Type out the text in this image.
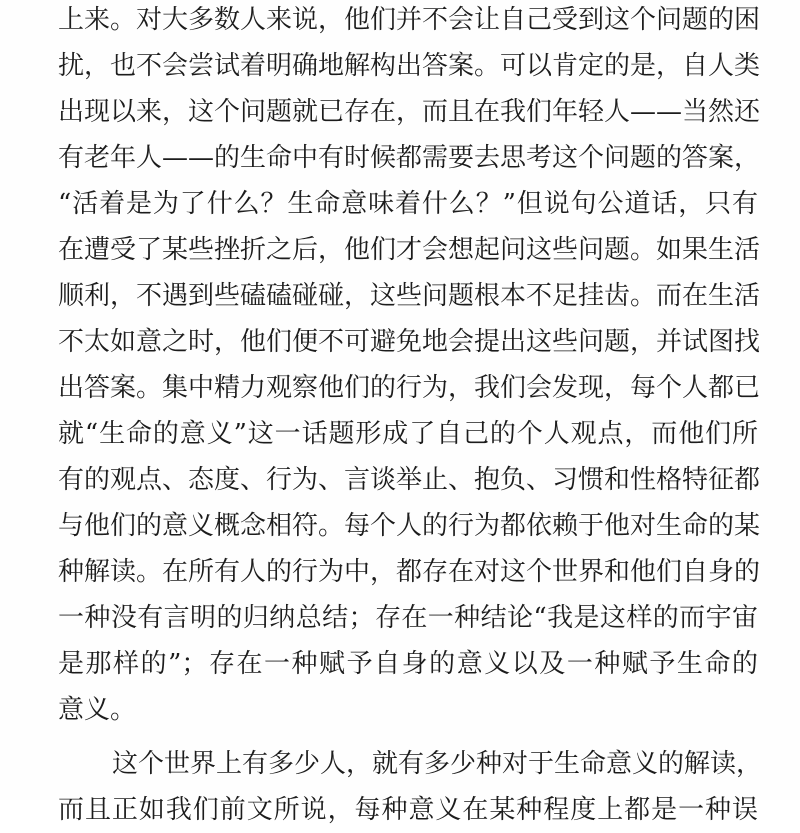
上来。对大多数人来说，他们并不会让自己受到这个问题的困
扰，也不会尝试着明确地解构出答案。可以肯定的是，自人类
出现以来，这个问题就已存在，而且在我们年轻人——当然还
有老年人——的生命中有时候都需要去思考这个问题的答案，
“活着是为了什么？生命意味着什么？”但说句公道话，只有
在遭受了某些挫折之后，他们才会想起问这些问题。如果生活
顺利，不遇到些磕磕碰碰，这些问题根本不足挂齿。而在生活
不太如意之时，他们便不可避免地会提出这些问题，并试图找
出答案。集中精力观察他们的行为，我们会发现，每个人都已
就“生命的意义”这一话题形成了自己的个人观点，而他们所
有的观点、态度、行为、言谈举止、抱负、习惯和性格特征都
与他们的意义概念相符。每个人的行为都依赖于他对生命的某
种解读。在所有人的行为中，都存在对这个世界和他们自身的
一种没有言明的归纳总结；存在一种结论“我是这样的而宇宙
是那样的”；存在一种赋予自身的意义以及一种赋予生命的
意义。
这个世界上有多少人，就有多少种对于生命意义的解读，
而且正如我们前文所说，每种意义在某种程度上都是一种误
